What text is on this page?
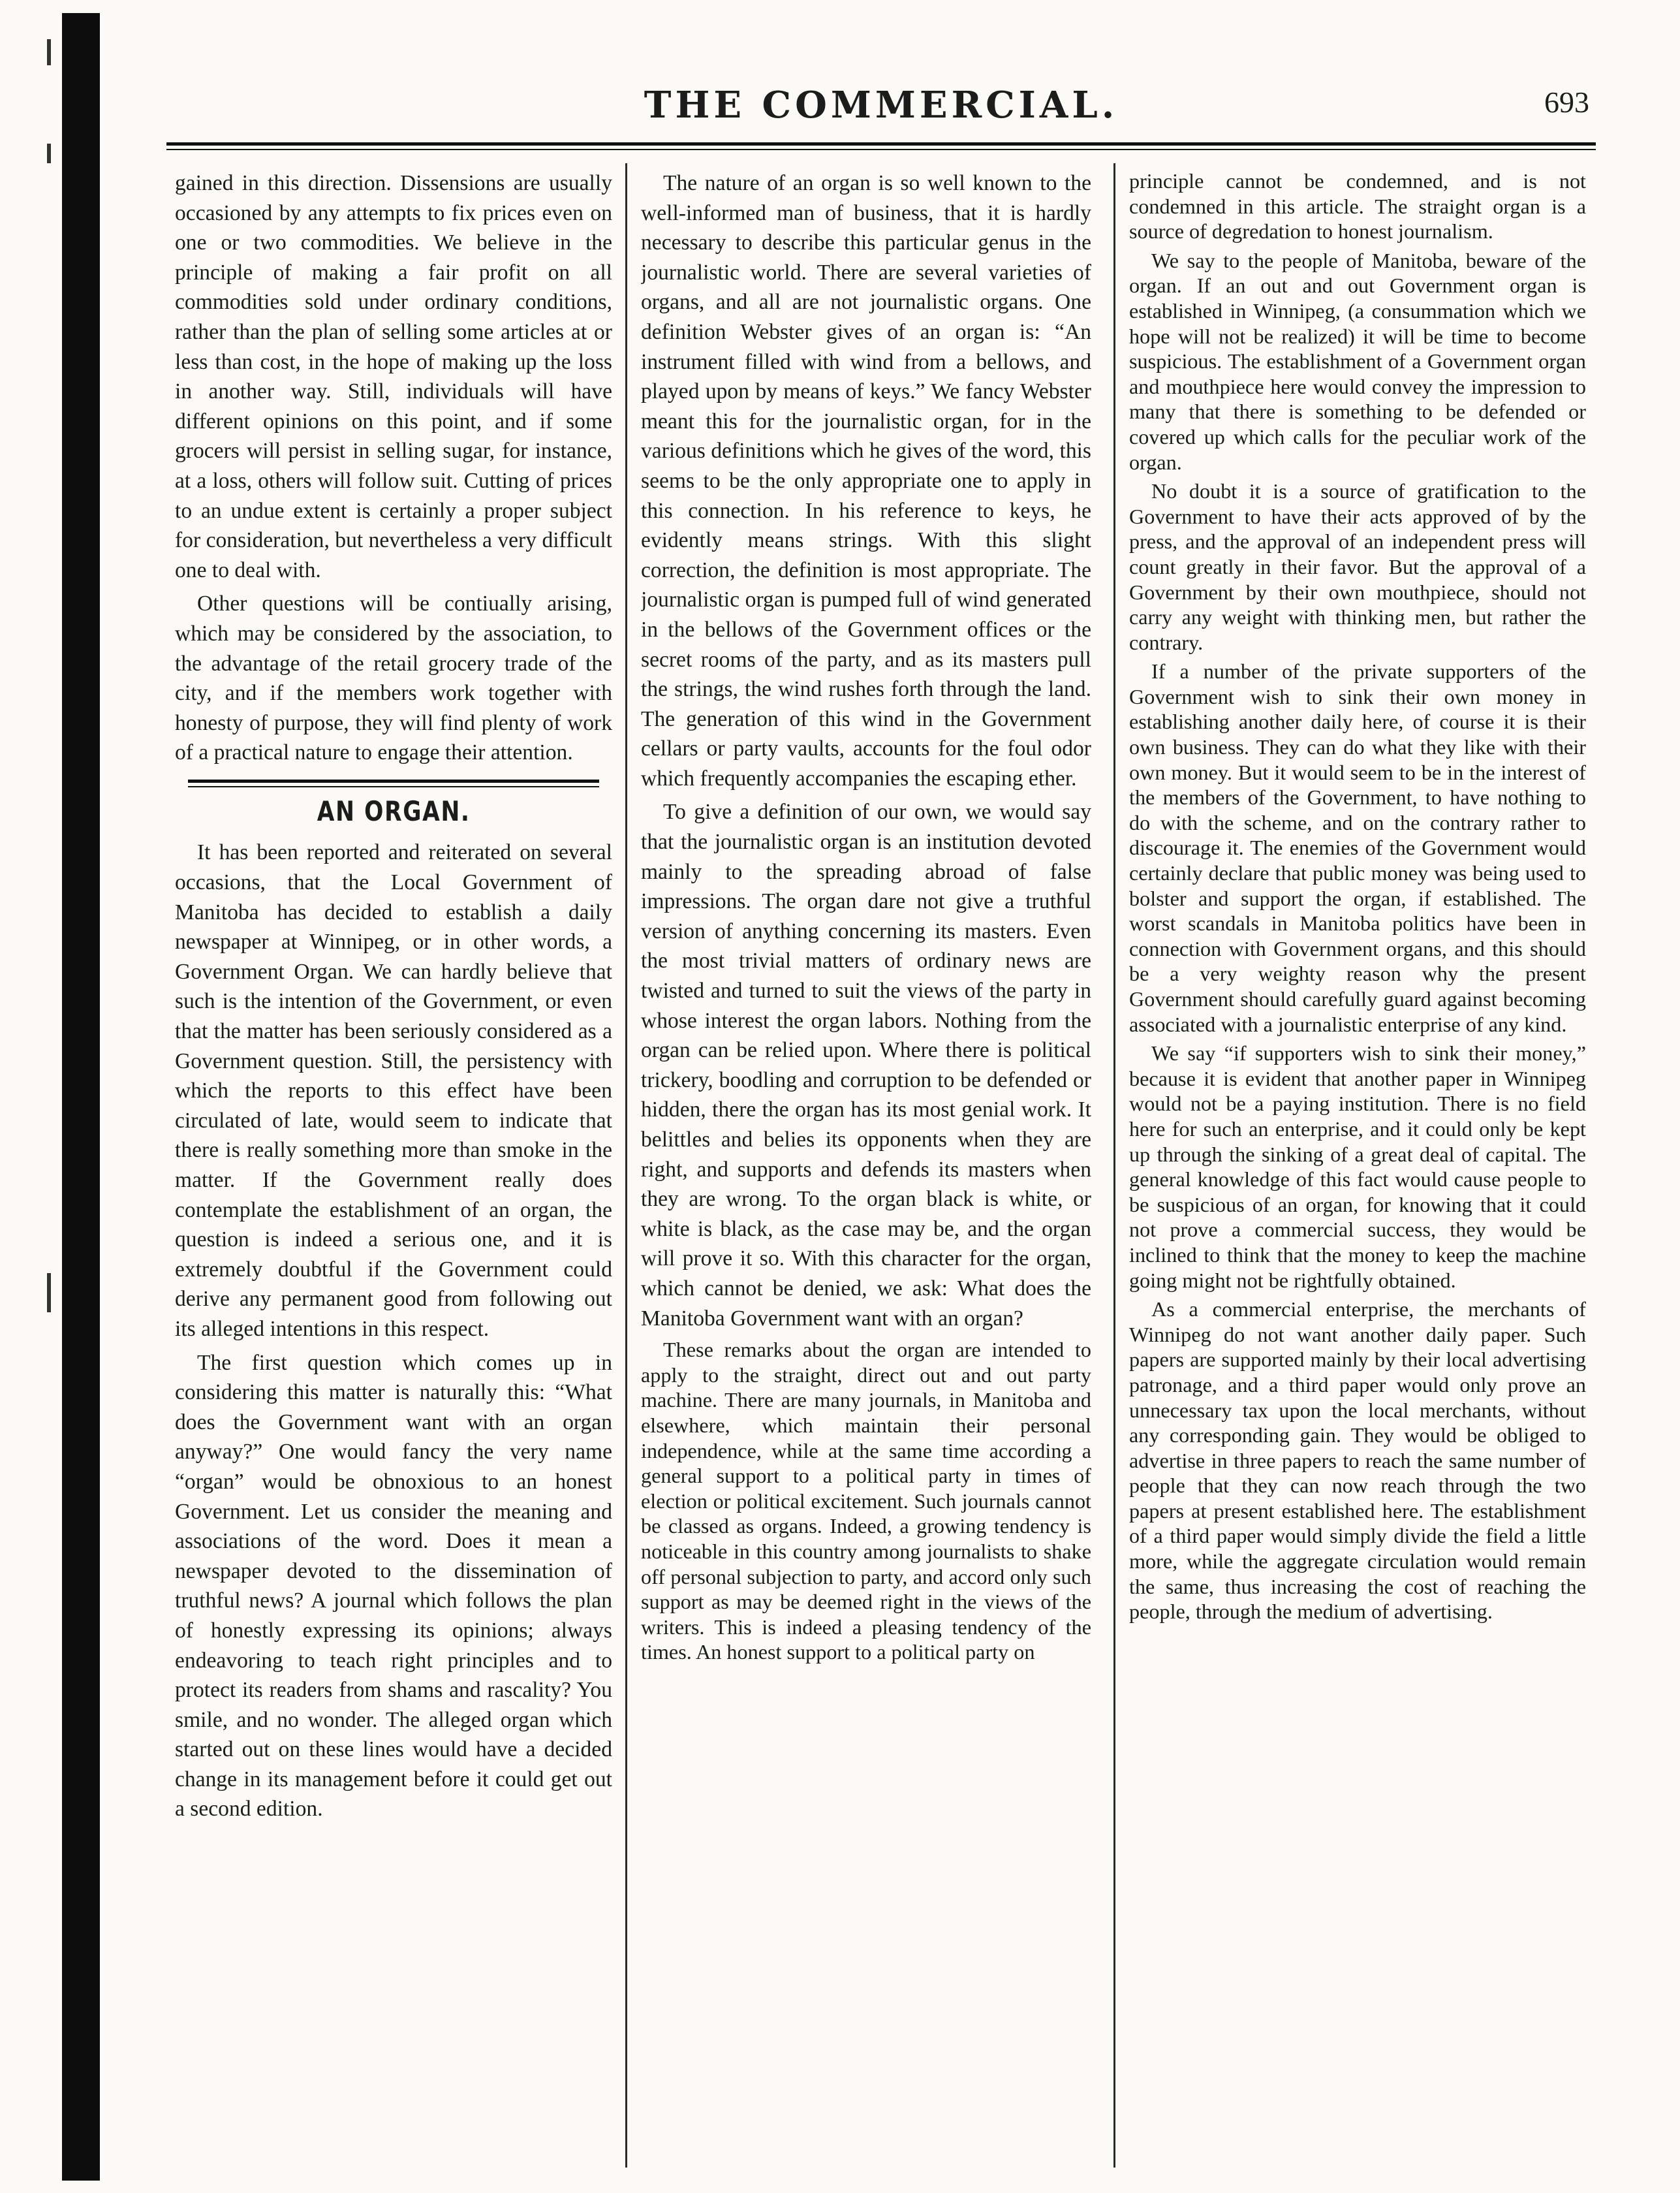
THE COMMERCIAL.	693

gained in this direction. Dissensions are usually occasioned by any attempts to fix prices even on one or two commodities. We believe in the principle of making a fair profit on all commodities sold under ordinary conditions, rather than the plan of selling some articles at or less than cost, in the hope of making up the loss in another way. Still, individuals will have different opinions on this point, and if some grocers will persist in selling sugar, for instance, at a loss, others will follow suit. Cutting of prices to an undue extent is certainly a proper subject for consideration, but nevertheless a very difficult one to deal with.

Other questions will be contiually arising, which may be considered by the association, to the advantage of the retail grocery trade of the city, and if the members work together with honesty of purpose, they will find plenty of work of a practical nature to engage their attention.

AN ORGAN.

It has been reported and reiterated on several occasions, that the Local Government of Manitoba has decided to establish a daily newspaper at Winnipeg, or in other words, a Government Organ. We can hardly believe that such is the intention of the Government, or even that the matter has been seriously considered as a Government question. Still, the persistency with which the reports to this effect have been circulated of late, would seem to indicate that there is really something more than smoke in the matter. If the Government really does contemplate the establishment of an organ, the question is indeed a serious one, and it is extremely doubtful if the Government could derive any permanent good from following out its alleged intentions in this respect.

The first question which comes up in considering this matter is naturally this: “What does the Government want with an organ anyway?” One would fancy the very name “organ” would be obnoxious to an honest Government. Let us consider the meaning and associations of the word. Does it mean a newspaper devoted to the dissemination of truthful news? A journal which follows the plan of honestly expressing its opinions; always endeavoring to teach right principles and to protect its readers from shams and rascality? You smile, and no wonder. The alleged organ which started out on these lines would have a decided change in its management before it could get out a second edition.

The nature of an organ is so well known to the well-informed man of business, that it is hardly necessary to describe this particular genus in the journalistic world. There are several varieties of organs, and all are not journalistic organs. One definition Webster gives of an organ is: “An instrument filled with wind from a bellows, and played upon by means of keys.” We fancy Webster meant this for the journalistic organ, for in the various definitions which he gives of the word, this seems to be the only appropriate one to apply in this connection. In his reference to keys, he evidently means strings. With this slight correction, the definition is most appropriate. The journalistic organ is pumped full of wind generated in the bellows of the Government offices or the secret rooms of the party, and as its masters pull the strings, the wind rushes forth through the land. The generation of this wind in the Government cellars or party vaults, accounts for the foul odor which frequently accompanies the escaping ether.

To give a definition of our own, we would say that the journalistic organ is an institution devoted mainly to the spreading abroad of false impressions. The organ dare not give a truthful version of anything concerning its masters. Even the most trivial matters of ordinary news are twisted and turned to suit the views of the party in whose interest the organ labors. Nothing from the organ can be relied upon. Where there is political trickery, boodling and corruption to be defended or hidden, there the organ has its most genial work. It belittles and belies its opponents when they are right, and supports and defends its masters when they are wrong. To the organ black is white, or white is black, as the case may be, and the organ will prove it so. With this character for the organ, which cannot be denied, we ask: What does the Manitoba Government want with an organ?

These remarks about the organ are intended to apply to the straight, direct out and out party machine. There are many journals, in Manitoba and elsewhere, which maintain their personal independence, while at the same time according a general support to a political party in times of election or political excitement. Such journals cannot be classed as organs. Indeed, a growing tendency is noticeable in this country among journalists to shake off personal subjection to party, and accord only such support as may be deemed right in the views of the writers. This is indeed a pleasing tendency of the times. An honest support to a political party on

principle cannot be condemned, and is not condemned in this article. The straight organ is a source of degredation to honest journalism.

We say to the people of Manitoba, beware of the organ. If an out and out Government organ is established in Winnipeg, (a consummation which we hope will not be realized) it will be time to become suspicious. The establishment of a Government organ and mouthpiece here would convey the impression to many that there is something to be defended or covered up which calls for the peculiar work of the organ.

No doubt it is a source of gratification to the Government to have their acts approved of by the press, and the approval of an independent press will count greatly in their favor. But the approval of a Government by their own mouthpiece, should not carry any weight with thinking men, but rather the contrary.

If a number of the private supporters of the Government wish to sink their own money in establishing another daily here, of course it is their own business. They can do what they like with their own money. But it would seem to be in the interest of the members of the Government, to have nothing to do with the scheme, and on the contrary rather to discourage it. The enemies of the Government would certainly declare that public money was being used to bolster and support the organ, if established. The worst scandals in Manitoba politics have been in connection with Government organs, and this should be a very weighty reason why the present Government should carefully guard against becoming associated with a journalistic enterprise of any kind.

We say “if supporters wish to sink their money,” because it is evident that another paper in Winnipeg would not be a paying institution. There is no field here for such an enterprise, and it could only be kept up through the sinking of a great deal of capital. The general knowledge of this fact would cause people to be suspicious of an organ, for knowing that it could not prove a commercial success, they would be inclined to think that the money to keep the machine going might not be rightfully obtained.

As a commercial enterprise, the merchants of Winnipeg do not want another daily paper. Such papers are supported mainly by their local advertising patronage, and a third paper would only prove an unnecessary tax upon the local merchants, without any corresponding gain. They would be obliged to advertise in three papers to reach the same number of people that they can now reach through the two papers at present established here. The establishment of a third paper would simply divide the field a little more, while the aggregate circulation would remain the same, thus increasing the cost of reaching the people, through the medium of advertising.
